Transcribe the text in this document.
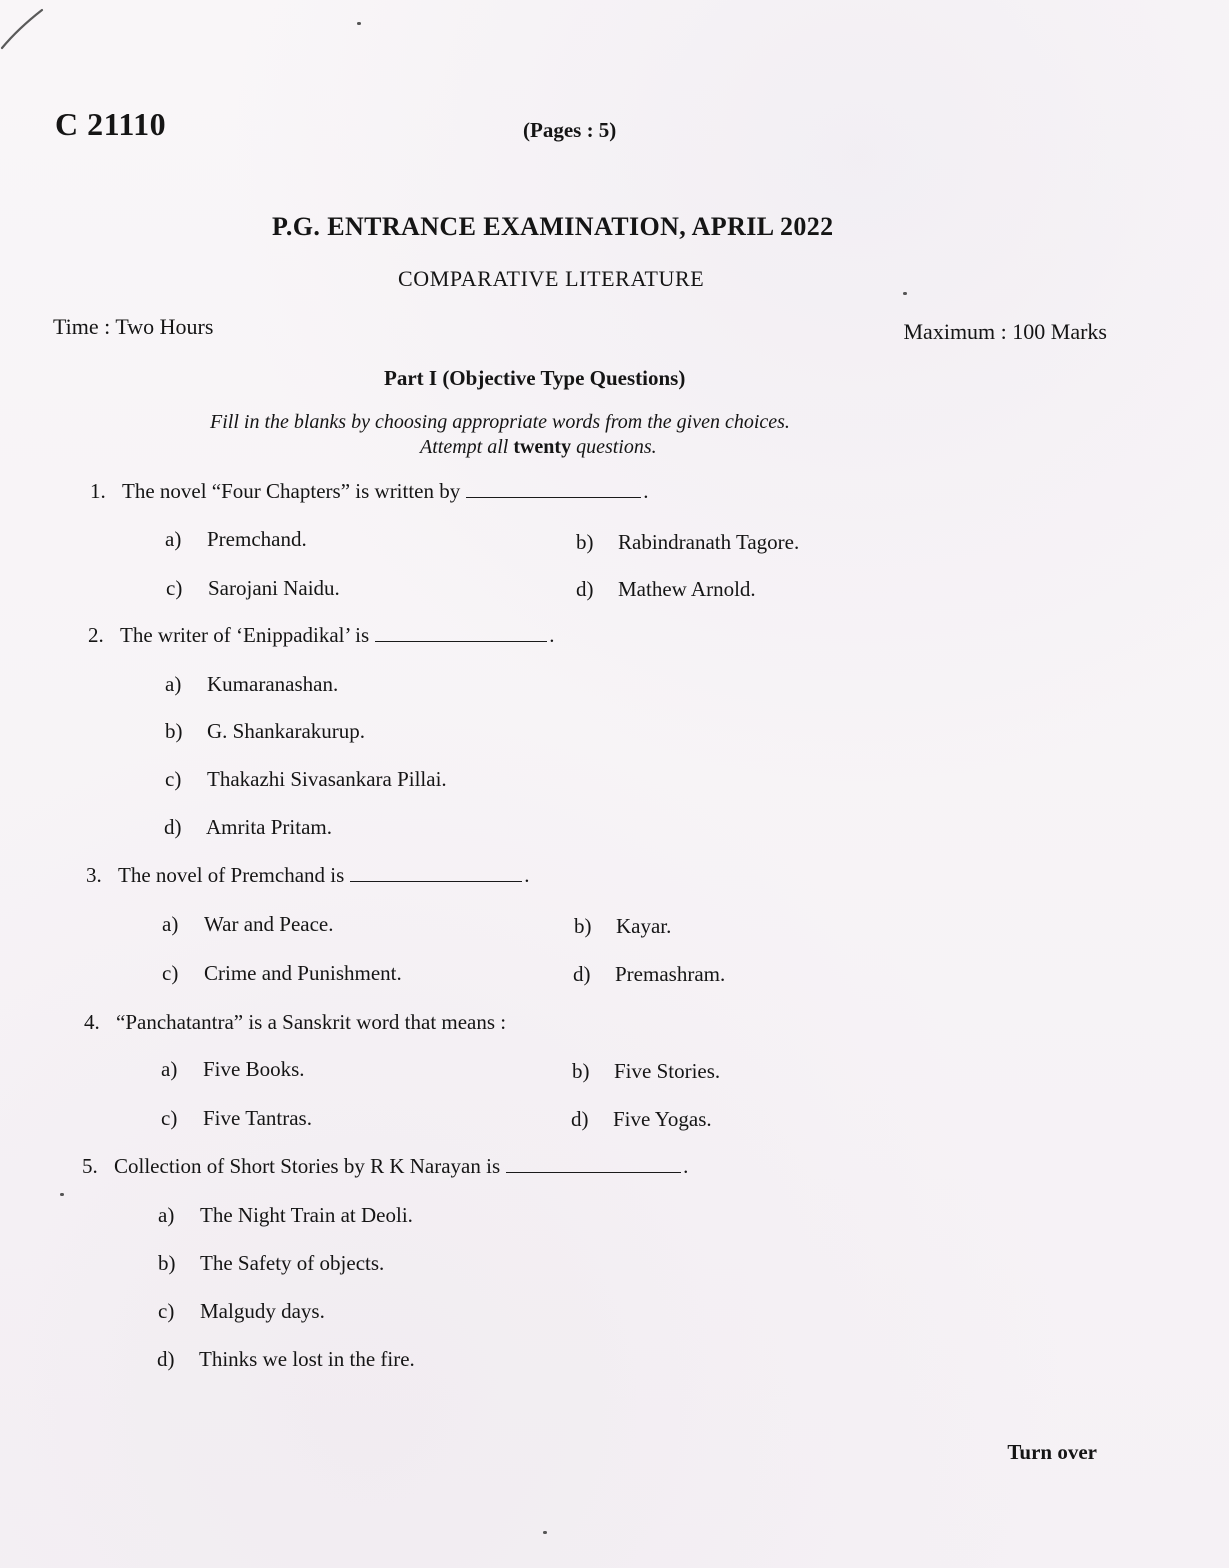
C 21110	(Pages : 5)
P.G. ENTRANCE EXAMINATION, APRIL 2022
COMPARATIVE LITERATURE
Time : Two Hours	Maximum : 100 Marks
Part I (Objective Type Questions)
Fill in the blanks by choosing appropriate words from the given choices.
Attempt all twenty questions.
1. The novel “Four Chapters” is written by	.
a) Premchand.	b) Rabindranath Tagore.
c) Sarojani Naidu.	d) Mathew Arnold.
2. The writer of ‘Enippadikal’ is	.
a) Kumaranashan.
b) G. Shankarakurup.
c) Thakazhi Sivasankara Pillai.
d) Amrita Pritam.
3. The novel of Premchand is	.
a) War and Peace.	b) Kayar.
c) Crime and Punishment.	d) Premashram.
4. “Panchatantra” is a Sanskrit word that means :
a) Five Books.	b) Five Stories.
c) Five Tantras.	d) Five Yogas.
5. Collection of Short Stories by R K Narayan is	.
a) The Night Train at Deoli.
b) The Safety of objects.
c) Malgudy days.
d) Thinks we lost in the fire.
Turn over
